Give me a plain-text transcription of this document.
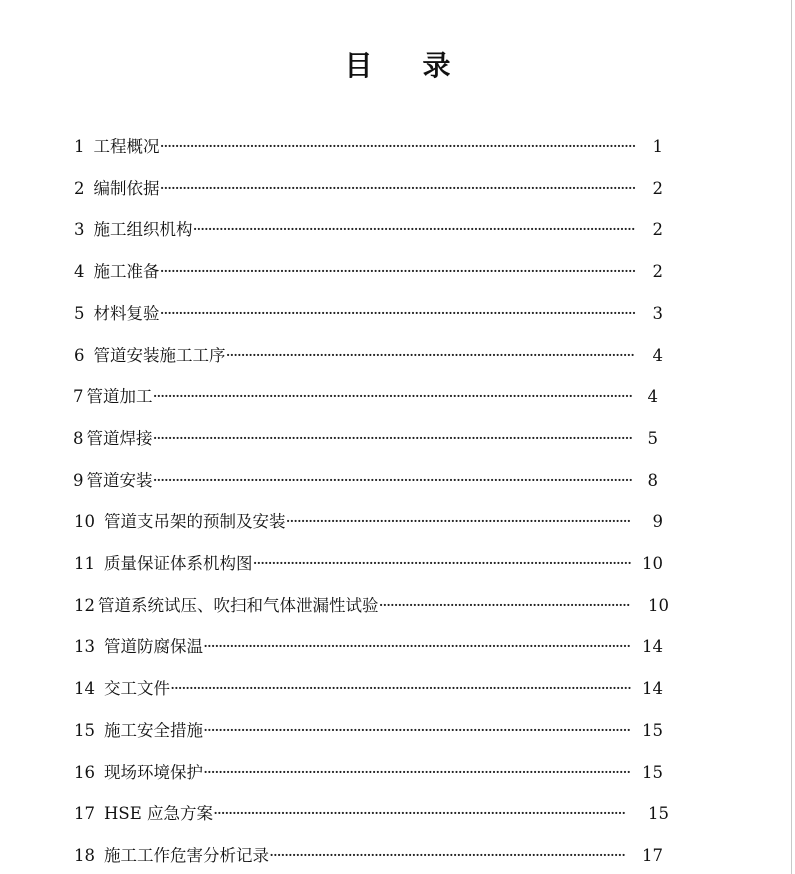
目 录
1 工程概况······························································································································· 1
2 编制依据······························································································································· 2
3 施工组织机构······················································································································ 2
4 施工准备······························································································································· 2
5 材料复验······························································································································· 3
6 管道安装施工工序············································································································· 4
7 管道加工································································································································ 4
8 管道焊接································································································································ 5
9 管道安装································································································································ 8
10 管道支吊架的预制及安装···························································································· 9
11 质量保证体系机构图····································································································· 10
12 管道系统试压、吹扫和气体泄漏性试验··································································· 10
13 管道防腐保温·················································································································· 14
14 交工文件··························································································································· 14
15 施工安全措施·················································································································· 15
16 现场环境保护·················································································································· 15
17 HSE 应急方案·············································································································· 15
18 施工工作危害分析记录······························································································· 17
